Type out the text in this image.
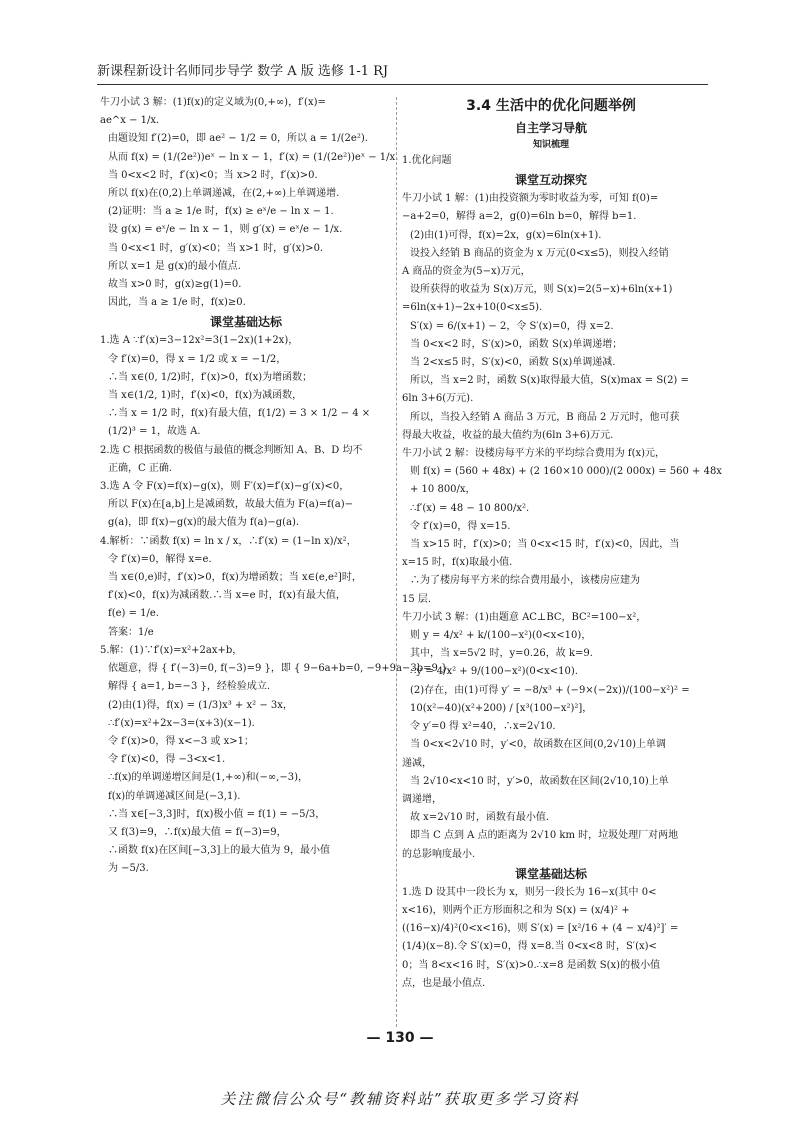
新课程新设计名师同步导学 数学 A 版 选修 1-1 RJ

牛刀小试 3 解：(1)f(x)的定义域为(0,+∞)，f′(x)=

ae^x − 1/x.

由题设知 f′(2)=0，即 ae² − 1/2 = 0，所以 a = 1/(2e²).

从而 f(x) = (1/(2e²))eˣ − ln x − 1，f′(x) = (1/(2e²))eˣ − 1/x.

当 0<x<2 时，f′(x)<0；当 x>2 时，f′(x)>0.

所以 f(x)在(0,2)上单调递减，在(2,+∞)上单调递增.

(2)证明：当 a ≥ 1/e 时，f(x) ≥ eˣ/e − ln x − 1.

设 g(x) = eˣ/e − ln x − 1，则 g′(x) = eˣ/e − 1/x.

当 0<x<1 时，g′(x)<0；当 x>1 时，g′(x)>0.

所以 x=1 是 g(x)的最小值点.

故当 x>0 时，g(x)≥g(1)=0.

因此，当 a ≥ 1/e 时，f(x)≥0.

课堂基础达标

1.选 A ∵f′(x)=3−12x²=3(1−2x)(1+2x)，

令 f′(x)=0，得 x = 1/2 或 x = −1/2，

∴当 x∈(0, 1/2)时，f′(x)>0，f(x)为增函数；

当 x∈(1/2, 1)时，f′(x)<0，f(x)为减函数，

∴当 x = 1/2 时，f(x)有最大值，f(1/2) = 3 × 1/2 − 4 ×

(1/2)³ = 1，故选 A.

2.选 C 根据函数的极值与最值的概念判断知 A、B、D 均不

正确，C 正确.

3.选 A 令 F(x)=f(x)−g(x)，则 F′(x)=f′(x)−g′(x)<0，

所以 F(x)在[a,b]上是减函数，故最大值为 F(a)=f(a)−

g(a)，即 f(x)−g(x)的最大值为 f(a)−g(a).

4.解析：∵函数 f(x) = ln x / x，∴f′(x) = (1−ln x)/x²，

令 f′(x)=0，解得 x=e.

当 x∈(0,e)时，f′(x)>0，f(x)为增函数；当 x∈(e,e²]时，

f′(x)<0，f(x)为减函数.∴当 x=e 时，f(x)有最大值，

f(e) = 1/e.

答案：1/e

5.解：(1)∵f′(x)=x²+2ax+b，

依题意，得 { f′(−3)=0, f(−3)=9 }，即 { 9−6a+b=0, −9+9a−3b=9 }，

解得 { a=1, b=−3 }，经检验成立.

(2)由(1)得，f(x) = (1/3)x³ + x² − 3x，

∴f′(x)=x²+2x−3=(x+3)(x−1).

令 f′(x)>0，得 x<−3 或 x>1；

令 f′(x)<0，得 −3<x<1.

∴f(x)的单调递增区间是(1,+∞)和(−∞,−3)，

f(x)的单调递减区间是(−3,1).

∴当 x∈[−3,3]时，f(x)极小值 = f(1) = −5/3，

又 f(3)=9，∴f(x)最大值 = f(−3)=9，

∴函数 f(x)在区间[−3,3]上的最大值为 9，最小值

为 −5/3.

3.4 生活中的优化问题举例
自主学习导航
知识梳理

1.优化问题

课堂互动探究

牛刀小试 1 解：(1)由投资额为零时收益为零，可知 f(0)=

−a+2=0，解得 a=2，g(0)=6ln b=0，解得 b=1.

(2)由(1)可得，f(x)=2x，g(x)=6ln(x+1).

设投入经销 B 商品的资金为 x 万元(0<x≤5)，则投入经销

A 商品的资金为(5−x)万元，

设所获得的收益为 S(x)万元，则 S(x)=2(5−x)+6ln(x+1)

=6ln(x+1)−2x+10(0<x≤5).

S′(x) = 6/(x+1) − 2，令 S′(x)=0，得 x=2.

当 0<x<2 时，S′(x)>0，函数 S(x)单调递增；

当 2<x≤5 时，S′(x)<0，函数 S(x)单调递减.

所以，当 x=2 时，函数 S(x)取得最大值，S(x)max = S(2) =

6ln 3+6(万元).

所以，当投入经销 A 商品 3 万元，B 商品 2 万元时，他可获

得最大收益，收益的最大值约为(6ln 3+6)万元.

牛刀小试 2 解：设楼房每平方米的平均综合费用为 f(x)元，

则 f(x) = (560 + 48x) + (2 160×10 000)/(2 000x) = 560 + 48x

+ 10 800/x，

∴f′(x) = 48 − 10 800/x².

令 f′(x)=0，得 x=15.

当 x>15 时，f′(x)>0；当 0<x<15 时，f′(x)<0，因此，当

x=15 时，f(x)取最小值.

∴为了楼房每平方米的综合费用最小，该楼房应建为

15 层.

牛刀小试 3 解：(1)由题意 AC⊥BC，BC²=100−x²，

则 y = 4/x² + k/(100−x²)(0<x<10)，

其中，当 x=5√2 时，y=0.26，故 k=9.

∴y = 4/x² + 9/(100−x²)(0<x<10).

(2)存在，由(1)可得 y′ = −8/x³ + (−9×(−2x))/(100−x²)² =

10(x²−40)(x²+200) / [x³(100−x²)²]，

令 y′=0 得 x²=40，∴x=2√10.

当 0<x<2√10 时，y′<0，故函数在区间(0,2√10)上单调

递减，

当 2√10<x<10 时，y′>0，故函数在区间(2√10,10)上单

调递增，

故 x=2√10 时，函数有最小值.

即当 C 点到 A 点的距离为 2√10 km 时，垃圾处理厂对两地

的总影响度最小.

课堂基础达标

1.选 D 设其中一段长为 x，则另一段长为 16−x(其中 0<

x<16)，则两个正方形面积之和为 S(x) = (x/4)² +

((16−x)/4)²(0<x<16)，则 S′(x) = [x²/16 + (4 − x/4)²]′ =

(1/4)(x−8).令 S′(x)=0，得 x=8.当 0<x<8 时，S′(x)<

0；当 8<x<16 时，S′(x)>0.∴x=8 是函数 S(x)的极小值

点，也是最小值点.

— 130 —
关注微信公众号“教辅资料站”获取更多学习资料
